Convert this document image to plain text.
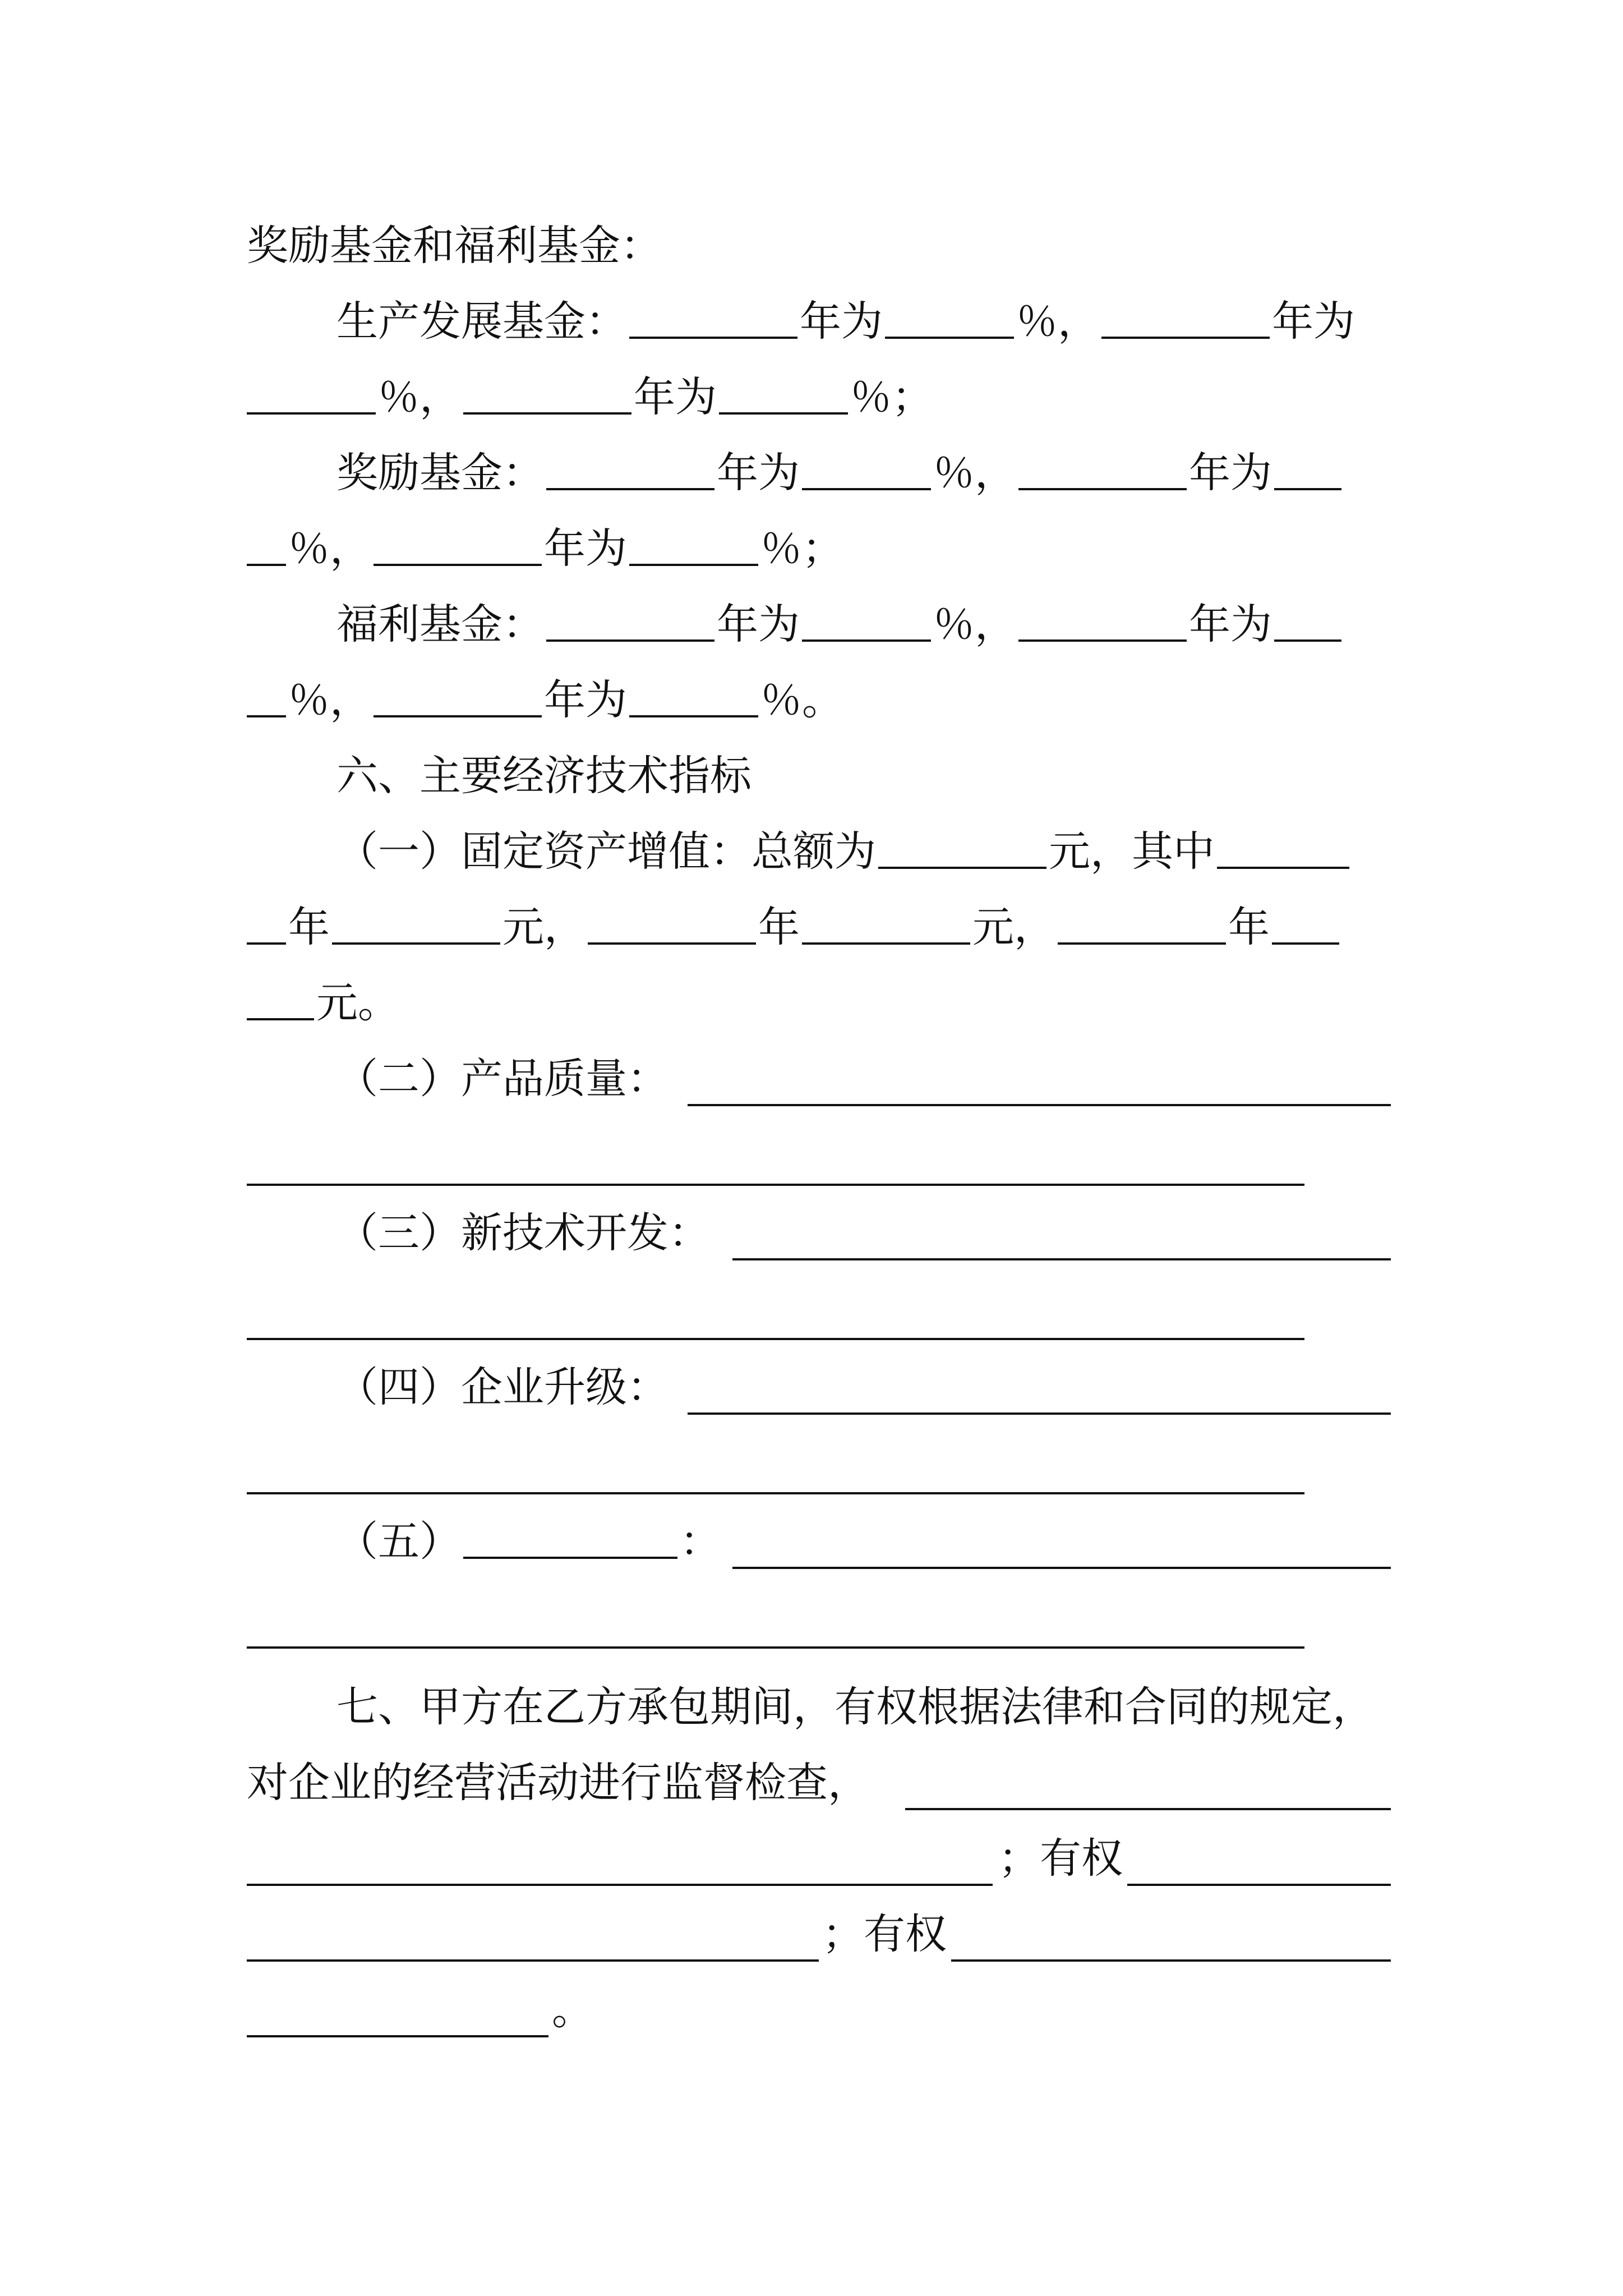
奖励基金和福利基金：
生产发展基金：	年为	％，	年为
％，	年为	％；
奖励基金：	年为	％，	年为
％，	年为	％；
福利基金：	年为	％，	年为
％，	年为	％。
六、主要经济技术指标
（一）固定资产增值：总额为	元，其中
年	元，	年	元，	年
元。
（二）产品质量：
（三）新技术开发：
（四）企业升级：
（五）	：
七、甲方在乙方承包期间，有权根据法律和合同的规定，
对企业的经营活动进行监督检查，
；有权
；有权
。
